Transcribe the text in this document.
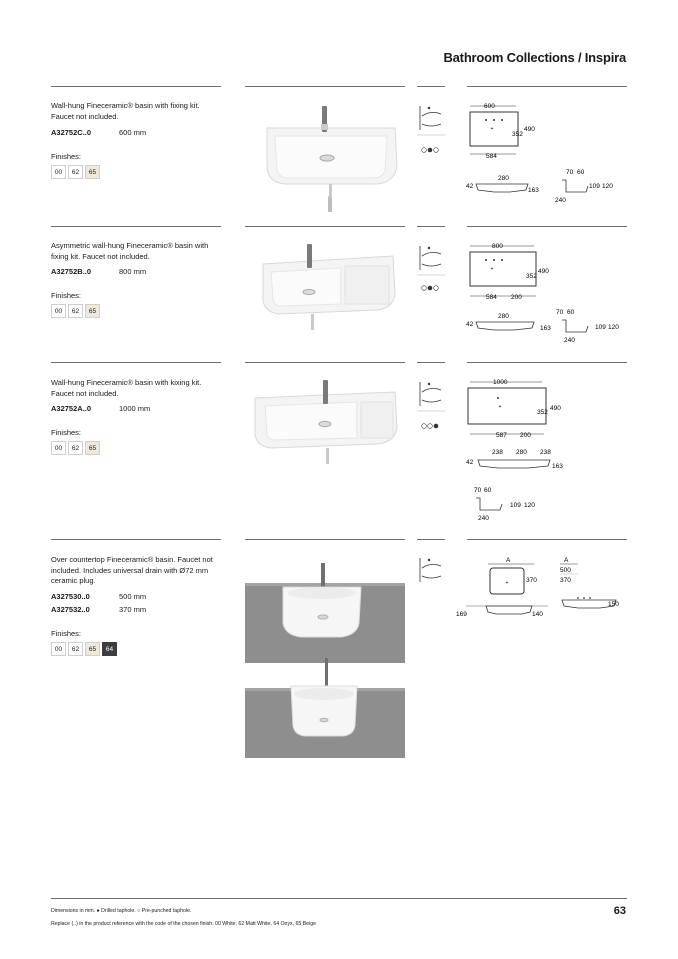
Bathroom Collections / Inspira
Wall-hung Fineceramic® basin with fixing kit. Faucet not included.
A32752C..0	600 mm
Finishes:
00	62	65
600
+
352
490
584
70 60
280
42
163
109 120
240
Asymmetric wall-hung Fineceramic® basin with fixing kit. Faucet not included.
A32752B..0	800 mm
Finishes:
00	62	65
800
+
352
490
584 200
70 60
280
42
163	109 120
240
Wall-hung Fineceramic® basin with kixing kit. Faucet not included.
A32752A..0	1000 mm
Finishes:
00	62	65
1000
+
352
490
587 200
238 280 238
42
163
70 60
109 120
240
Over countertop Fineceramic® basin. Faucet not included. Includes universal drain with Ø72 mm ceramic plug.
A327530..0	500 mm
A327532..0	370 mm
Finishes:
00	62	65	64
A
+	370
A
500
370
169	140
150
Dimensions in mm. ● Drilled taphole. ○ Pre-punched taphole.
Replace (..) in the product reference with the code of the chosen finish: 00 White, 62 Matt White, 64 Onyx, 65 Beige
63
